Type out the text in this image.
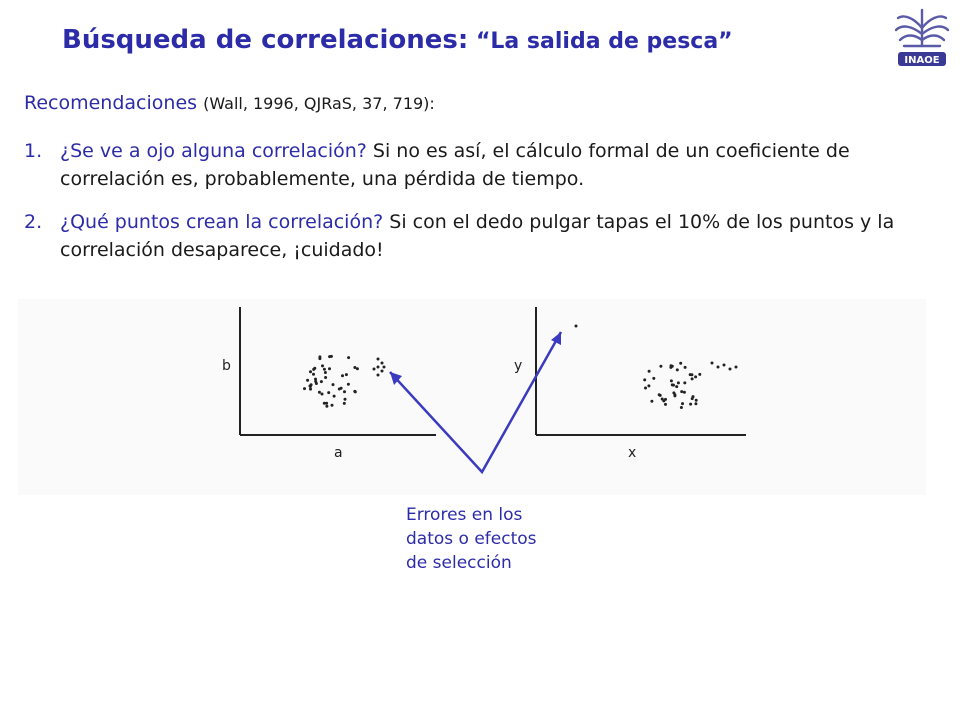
Búsqueda de correlaciones: “La salida de pesca”
INAOE

Recomendaciones (Wall, 1996, QJRaS, 37, 719):

1. ¿Se ve a ojo alguna correlación? Si no es así, el cálculo formal de un coeficiente de correlación es, probablemente, una pérdida de tiempo.

2. ¿Qué puntos crean la correlación? Si con el dedo pulgar tapas el 10% de los puntos y la correlación desaparece, ¡cuidado!

b
a
y
x

Errores en los
datos o efectos
de selección
